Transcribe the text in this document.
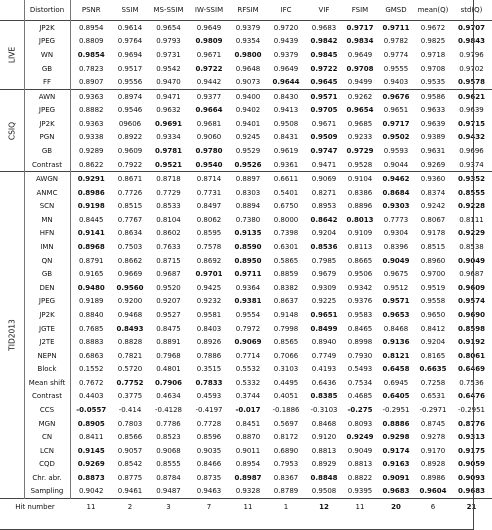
	Distortion	PSNR	SSIM	MS-SSIM	IW-SSIM	RFSIM	IFC	VIF	FSIM	GMSD	mean(Q)	std(Q)

LIVE	JP2K	0.8954	0.9614	0.9654	0.9649	0.9379	0.9720	0.9683	0.9717	0.9711	0.9672	0.9707
	JPEG	0.8809	0.9764	0.9793	0.9809	0.9354	0.9439	0.9842	0.9834	0.9782	0.9825	0.9843
	WN	0.9854	0.9694	0.9731	0.9671	0.9800	0.9379	0.9845	0.9649	0.9774	0.9718	0.9796
	GB	0.7823	0.9517	0.9542	0.9722	0.9648	0.9649	0.9722	0.9708	0.9555	0.9708	0.9702
	FF	0.8907	0.9556	0.9470	0.9442	0.9073	0.9644	0.9645	0.9499	0.9403	0.9535	0.9578

CSIQ	AWN	0.9363	0.8974	0.9471	0.9377	0.9400	0.8430	0.9571	0.9262	0.9676	0.9586	0.9621
	JPEG	0.8882	0.9546	0.9632	0.9664	0.9402	0.9413	0.9705	0.9654	0.9651	0.9633	0.9639
	JP2K	0.9363	09606	0.9691	0.9681	0.9401	0.9508	0.9671	0.9685	0.9717	0.9639	0.9715
	PGN	0.9338	0.8922	0.9334	0.9060	0.9245	0.8431	0.9509	0.9233	0.9502	0.9389	0.9432
	GB	0.9289	0.9609	0.9781	0.9780	0.9529	0.9619	0.9747	0.9729	0.9593	0.9631	0.9696
	Contrast	0.8622	0.7922	0.9521	0.9540	0.9526	0.9361	0.9471	0.9528	0.9044	0.9269	0.9374

TID2013	AWGN	0.9291	0.8671	0.8718	0.8714	0.8897	0.6611	0.9069	0.9104	0.9462	0.9360	0.9352
	ANMC	0.8986	0.7726	0.7729	0.7731	0.8303	0.5401	0.8271	0.8386	0.8684	0.8374	0.8555
	SCN	0.9198	0.8515	0.8533	0.8497	0.8894	0.6750	0.8953	0.8896	0.9303	0.9242	0.9228
	MN	0.8445	0.7767	0.8104	0.8062	0.7380	0.8000	0.8642	0.8013	0.7773	0.8067	0.8111
	HFN	0.9141	0.8634	0.8602	0.8595	0.9135	0.7398	0.9204	0.9109	0.9304	0.9178	0.9229
	IMN	0.8968	0.7503	0.7633	0.7578	0.8590	0.6301	0.8536	0.8113	0.8396	0.8515	0.8538
	QN	0.8791	0.8662	0.8715	0.8692	0.8950	0.5865	0.7985	0.8665	0.9049	0.8960	0.9049
	GB	0.9165	0.9669	0.9687	0.9701	0.9711	0.8859	0.9679	0.9506	0.9675	0.9700	0.9687
	DEN	0.9480	0.9560	0.9520	0.9425	0.9364	0.8382	0.9309	0.9342	0.9512	0.9519	0.9609
	JPEG	0.9189	0.9200	0.9207	0.9232	0.9381	0.8637	0.9225	0.9376	0.9571	0.9558	0.9574
	JP2K	0.8840	0.9468	0.9527	0.9581	0.9554	0.9148	0.9651	0.9583	0.9653	0.9650	0.9690
	JGTE	0.7685	0.8493	0.8475	0.8403	0.7972	0.7998	0.8499	0.8465	0.8468	0.8412	0.8598
	J2TE	0.8883	0.8828	0.8891	0.8926	0.9069	0.8565	0.8940	0.8998	0.9136	0.9204	0.9192
	NEPN	0.6863	0.7821	0.7968	0.7886	0.7714	0.7066	0.7749	0.7930	0.8121	0.8165	0.8061
	Block	0.1552	0.5720	0.4801	0.3515	0.5532	0.3103	0.4193	0.5493	0.6458	0.6635	0.6469
	Mean shift	0.7672	0.7752	0.7906	0.7833	0.5332	0.4495	0.6436	0.7534	0.6945	0.7258	0.7536
	Contrast	0.4403	0.3775	0.4634	0.4593	0.3744	0.4051	0.8385	0.4685	0.6405	0.6531	0.6476
	CCS	-0.0557	-0.414	-0.4128	-0.4197	-0.017	-0.1886	-0.3103	-0.275	-0.2951	-0.2971	-0.2951
	MGN	0.8905	0.7803	0.7786	0.7728	0.8451	0.5697	0.8468	0.8093	0.8886	0.8745	0.8776
	CN	0.8411	0.8566	0.8523	0.8596	0.8870	0.8172	0.9120	0.9249	0.9298	0.9278	0.9313
	LCN	0.9145	0.9057	0.9068	0.9035	0.9011	0.6890	0.8813	0.9049	0.9174	0.9170	0.9175
	CQD	0.9269	0.8542	0.8555	0.8466	0.8954	0.7953	0.8929	0.8813	0.9163	0.8928	0.9059
	Chr. abr.	0.8873	0.8775	0.8784	0.8735	0.8987	0.8367	0.8848	0.8822	0.9091	0.8986	0.9093
	Sampling	0.9042	0.9461	0.9487	0.9463	0.9328	0.8789	0.9508	0.9395	0.9683	0.9604	0.9683
Hit number		11	2	3	7	11	1	12	11	20	6	21
